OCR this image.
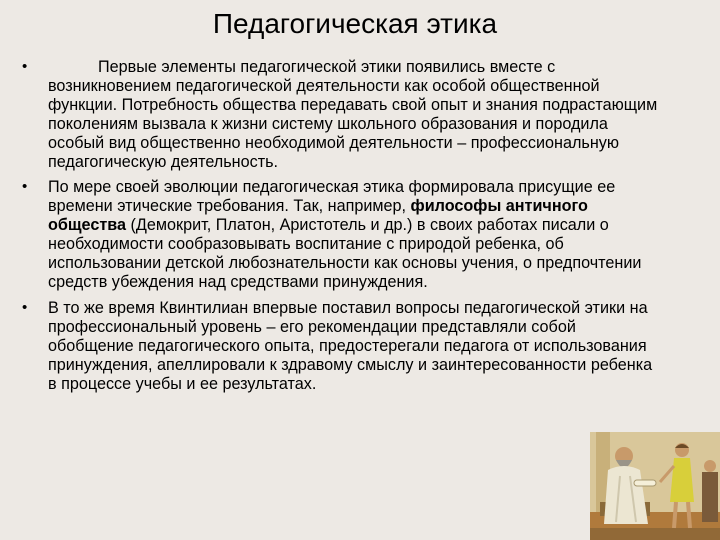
Педагогическая этика
•	Первые элементы педагогической этики появились вместе с возникновением педагогической деятельности как особой общественной функции. Потребность общества передавать свой опыт и знания подрастающим поколениям вызвала к жизни систему школьного образования и породила особый вид общественно необходимой деятельности – профессиональную педагогическую деятельность.
•	По мере своей эволюции педагогическая этика формировала присущие ее времени этические требования. Так, например, философы античного общества (Демокрит, Платон, Аристотель и др.) в своих работах писали о необходимости сообразовывать воспитание с природой ребенка, об использовании детской любознательности как основы учения, о предпочтении средств убеждения над средствами принуждения.
•	В то же время Квинтилиан впервые поставил вопросы педагогической этики на профессиональный уровень – его рекомендации представляли собой обобщение педагогического опыта, предостерегали педагога от использования принуждения, апеллировали к здравому смыслу и заинтересованности ребенка в процессе учебы и ее результатах.
